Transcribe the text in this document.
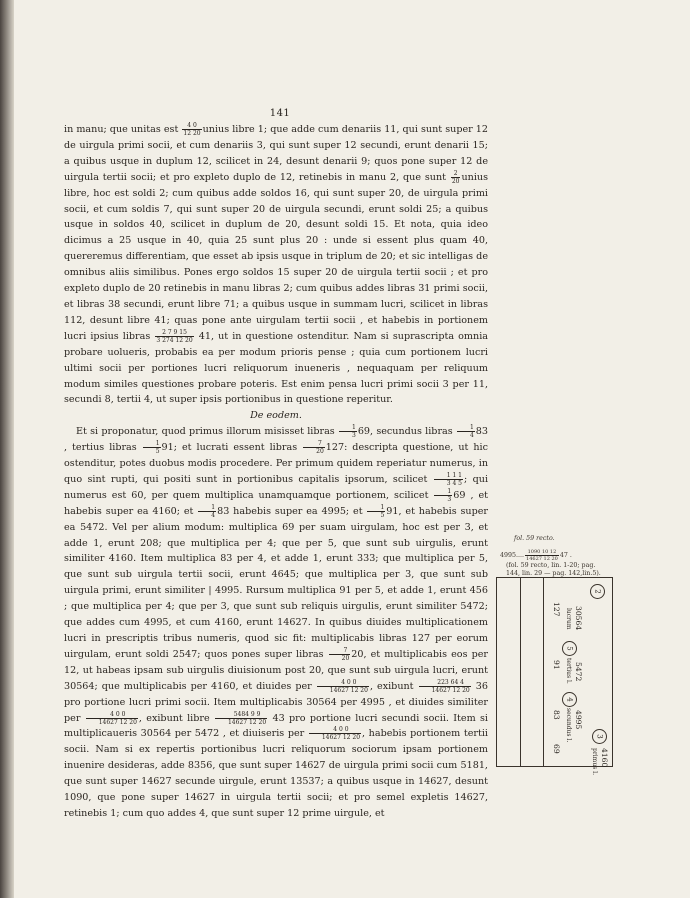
141

in manu; que unitas est $\frac{4 0}{12 20}$ unius libre 1; que adde cum denariis 11, qui sunt super 12 de uirgula primi socii, et cum denariis 3, qui sunt super 12 secundi, erunt denarii 15; a quibus usque in duplum 12, scilicet in 24, desunt denarii 9; quos pone super 12 de uirgula tertii socii; et pro expleto duplo de 12, retinebis in manu 2, que sunt $\frac{2}{20}$ unius libre, hoc est soldi 2; cum quibus adde soldos 16, qui sunt super 20, de uirgula primi socii, et cum soldis 7, qui sunt super 20 de uirgula secundi, erunt soldi 25; a quibus usque in soldos 40, scilicet in duplum de 20, desunt soldi 15. Et nota, quia ideo dicimus a 25 usque in 40, quia 25 sunt plus 20 : unde si essent plus quam 40, quereremus differentiam, que esset ab ipsis usque in triplum de 20; et sic intelligas de omnibus aliis similibus. Pones ergo soldos 15 super 20 de uirgula tertii socii ; et pro expleto duplo de 20 retinebis in manu libras 2; cum quibus addes libras 31 primi socii, et libras 38 secundi, erunt libre 71; a quibus usque in summam lucri, scilicet in libras 112, desunt libre 41; quas pone ante uirgulam tertii socii , et habebis in portionem lucri ipsius libras $\frac{2 7 9 15}{3 274 12 20} 41$, ut in questione ostenditur. Nam si suprascripta omnia probare uolueris, probabis ea per modum prioris pense ; quia cum portionem lucri ultimi socii per portiones lucri reliquorum inueneris , nequaquam per reliquum modum similes questiones probare poteris. Est enim pensa lucri primi socii 3 per 11, secundi 8, tertii 4, ut super ipsis portionibus in questione reperitur.

De eodem.

Et si proponatur, quod primus illorum misisset libras $\frac{1}{3} 69$, secundus libras $\frac{1}{4} 83$ , tertius libras $\frac{1}{5} 91$; et lucrati essent libras $\frac{7}{20} 127$: descripta questione, ut hic ostenditur, potes duobus modis procedere. Per primum quidem reperiatur numerus, in quo sint rupti, qui positi sunt in portionibus capitalis ipsorum, scilicet $\frac{1 1 1}{3 4 5}$ ; qui numerus est 60, per quem multiplica unamquamque portionem, scilicet $\frac{1}{3} 69$ , et habebis super ea 4160; et $\frac{1}{4} 83$ habebis super ea 4995; et $\frac{1}{5} 91$, et habebis super ea 5472. Vel per alium modum: multiplica 69 per suam uirgulam, hoc est per 3, et adde 1, erunt 208; que multiplica per 4; que per 5, que sunt sub uirgulis, erunt similiter 4160. Item multiplica 83 per 4, et adde 1, erunt 333; que multiplica per 5, que sunt sub uirgula tertii socii, erunt 4645; que multiplica per 3, que sunt sub uirgula primi, erunt similiter | 4995. Rursum multiplica 91 per 5, et adde 1, erunt 456 ; que multiplica per 4; que per 3, que sunt sub reliquis uirgulis, erunt similiter 5472; que addes cum 4995, et cum 4160, erunt 14627. In quibus diuides multiplicationem lucri in prescriptis tribus numeris, quod sic fit: multiplicabis libras 127 per eorum uirgulam, erunt soldi 2547; quos pones super libras $\frac{7}{20} 20$, et multiplicabis eos per 12, ut habeas ipsam sub uirgulis diuisionum post 20, que sunt sub uirgula lucri, erunt 30564; que multiplicabis per 4160, et diuides per $\frac{4 0 0}{14627 12 20}$ , exibunt $\frac{223 64 4}{14627 12 20} 36$ pro portione lucri primi socii. Item multiplicabis 30564 per 4995 , et diuides similiter per $\frac{4 0 0}{14627 12 20}$ , exibunt libre $\frac{5484 9 9}{14627 12 20} 43$ pro portione lucri secundi socii. Item si multiplicaueris 30564 per 5472 , et diuiseris per $\frac{4 0 0}{14627 12 20}$ , habebis portionem tertii socii. Nam si ex repertis portionibus lucri reliquorum sociorum ipsam portionem inuenire desideras, adde 8356, que sunt super 14627 de uirgula primi socii cum 5181, que sunt super 14627 secunde uirgule, erunt 13537; a quibus usque in 14627, desunt 1090, que pone super 14627 in uirgula tertii socii; et pro semel expletis 14627, retinebis 1; cum quo addes 4, que sunt super 12 prime uirgule, et

fol. 59 recto.
4995.... $\frac{1090 10 12}{14627 12 20} 47$ .
(fol. 59 recto, lin. 1-20; pag.
144, lin. 29 — pag. 142,lin.5).
2
5
4
3
30564
5472
4995
4160
127
91
83
69
lucrum
tertius l.
secundus l.
primus l.
